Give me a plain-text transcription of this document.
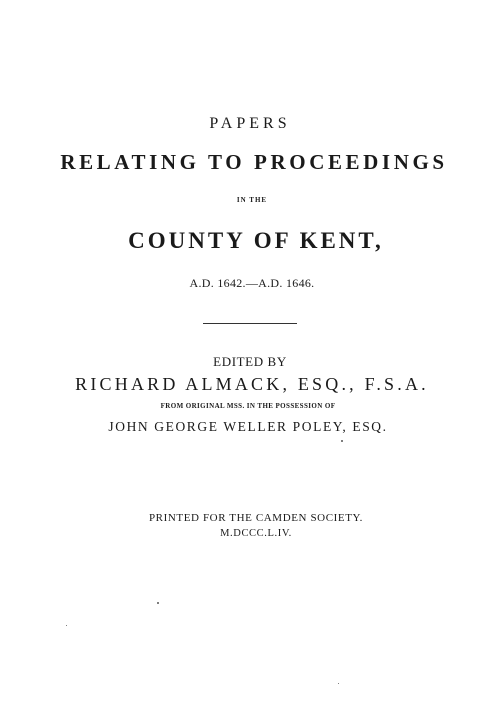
PAPERS
RELATING TO PROCEEDINGS
IN THE
COUNTY OF KENT,
A.D. 1642.—A.D. 1646.
EDITED BY
RICHARD ALMACK, ESQ., F.S.A.
FROM ORIGINAL MSS. IN THE POSSESSION OF
JOHN GEORGE WELLER POLEY, ESQ.
PRINTED FOR THE CAMDEN SOCIETY.
M.DCCC.L.IV.
